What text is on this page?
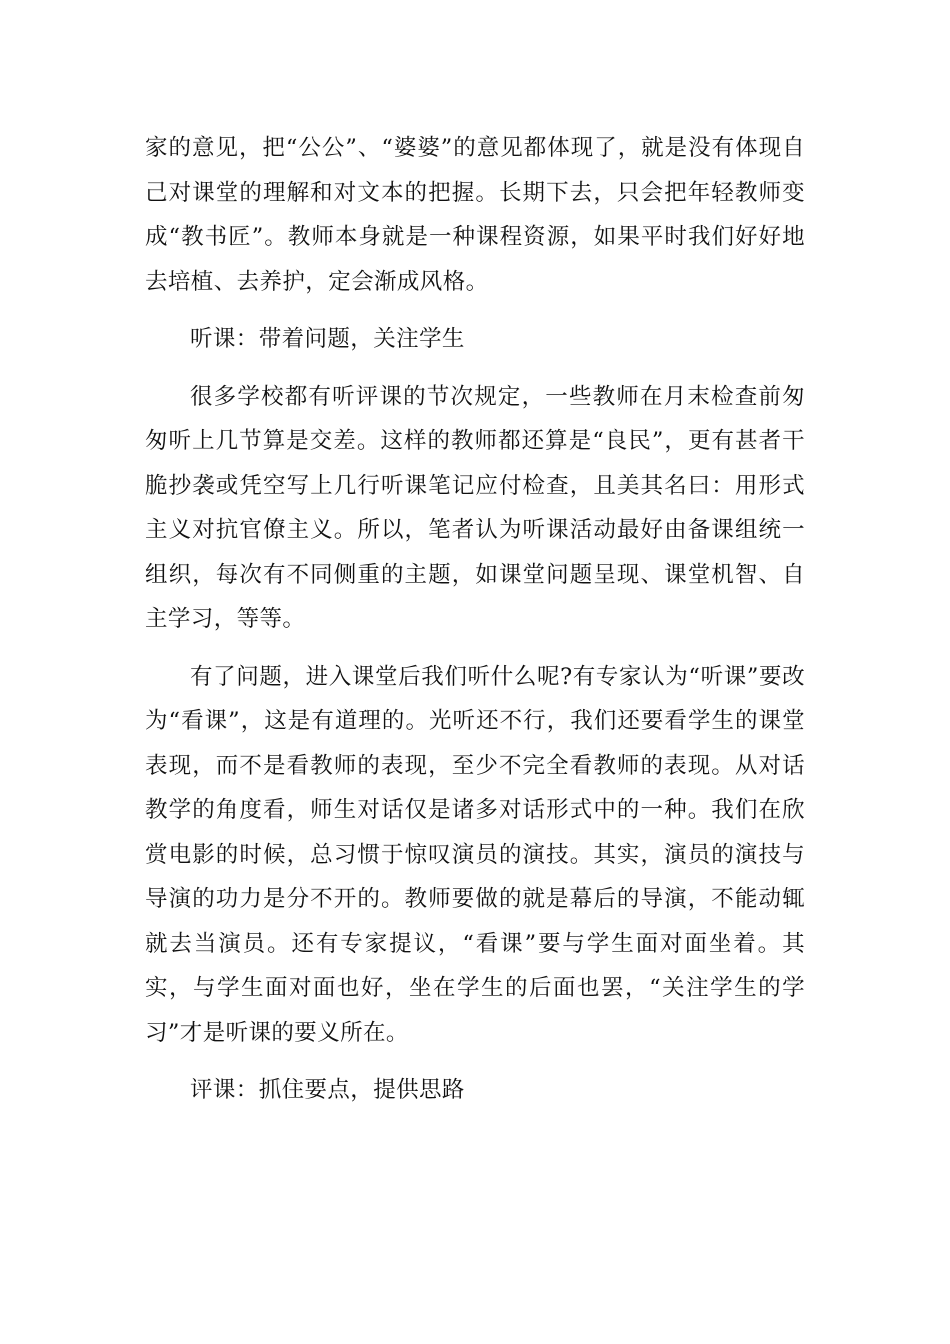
家的意见，把“公公”、“婆婆”的意见都体现了，就是没有体现自己对课堂的理解和对文本的把握。长期下去，只会把年轻教师变成“教书匠”。教师本身就是一种课程资源，如果平时我们好好地去培植、去养护，定会渐成风格。

听课：带着问题，关注学生

很多学校都有听评课的节次规定，一些教师在月末检查前匆匆听上几节算是交差。这样的教师都还算是“良民”，更有甚者干脆抄袭或凭空写上几行听课笔记应付检查，且美其名曰：用形式主义对抗官僚主义。所以，笔者认为听课活动最好由备课组统一组织，每次有不同侧重的主题，如课堂问题呈现、课堂机智、自主学习，等等。

有了问题，进入课堂后我们听什么呢?有专家认为“听课”要改为“看课”，这是有道理的。光听还不行，我们还要看学生的课堂表现，而不是看教师的表现，至少不完全看教师的表现。从对话教学的角度看，师生对话仅是诸多对话形式中的一种。我们在欣赏电影的时候，总习惯于惊叹演员的演技。其实，演员的演技与导演的功力是分不开的。教师要做的就是幕后的导演，不能动辄就去当演员。还有专家提议，“看课”要与学生面对面坐着。其实，与学生面对面也好，坐在学生的后面也罢，“关注学生的学习”才是听课的要义所在。

评课：抓住要点，提供思路
